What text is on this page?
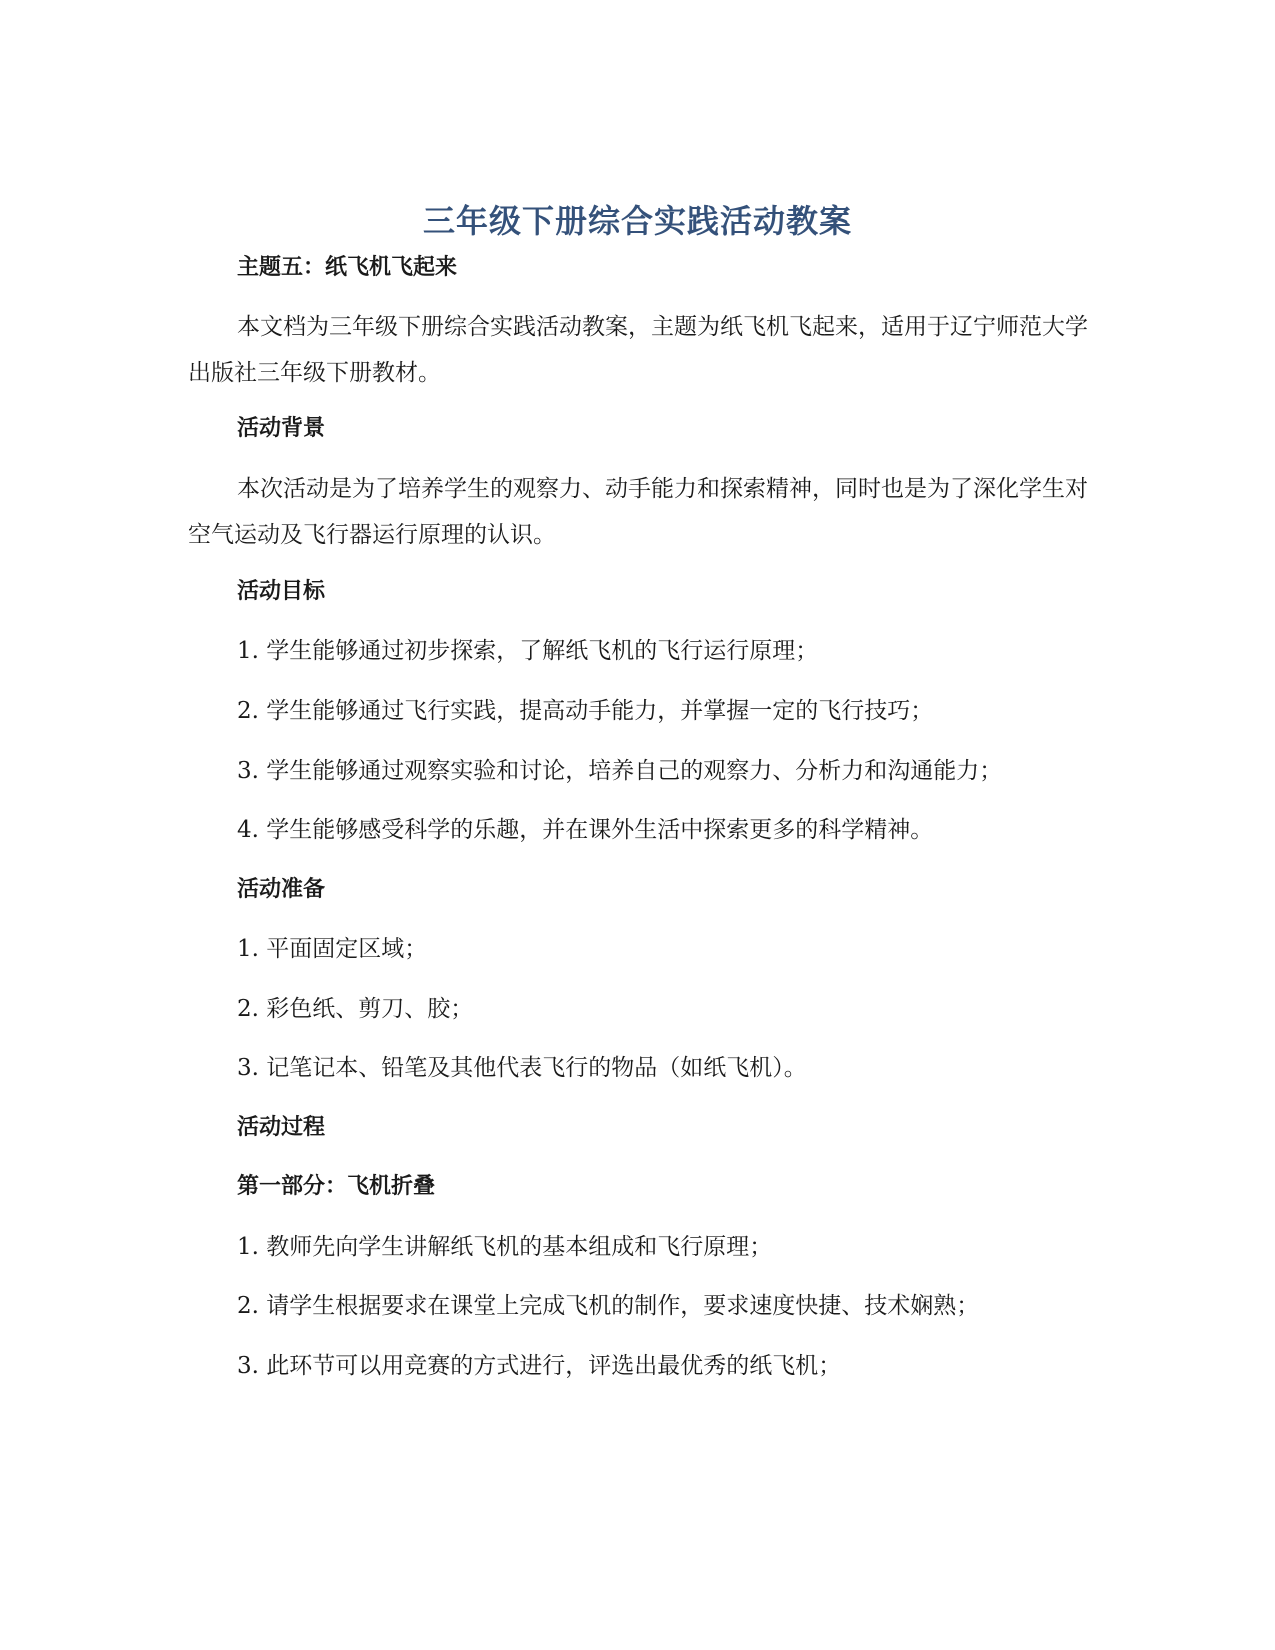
三年级下册综合实践活动教案

主题五：纸飞机飞起来

本文档为三年级下册综合实践活动教案，主题为纸飞机飞起来，适用于辽宁师范大学出版社三年级下册教材。

活动背景

本次活动是为了培养学生的观察力、动手能力和探索精神，同时也是为了深化学生对空气运动及飞行器运行原理的认识。

活动目标

1. 学生能够通过初步探索，了解纸飞机的飞行运行原理；

2. 学生能够通过飞行实践，提高动手能力，并掌握一定的飞行技巧；

3. 学生能够通过观察实验和讨论，培养自己的观察力、分析力和沟通能力；

4. 学生能够感受科学的乐趣，并在课外生活中探索更多的科学精神。

活动准备

1. 平面固定区域；

2. 彩色纸、剪刀、胶；

3. 记笔记本、铅笔及其他代表飞行的物品（如纸飞机）。

活动过程

第一部分：飞机折叠

1. 教师先向学生讲解纸飞机的基本组成和飞行原理；

2. 请学生根据要求在课堂上完成飞机的制作，要求速度快捷、技术娴熟；

3. 此环节可以用竞赛的方式进行，评选出最优秀的纸飞机；
